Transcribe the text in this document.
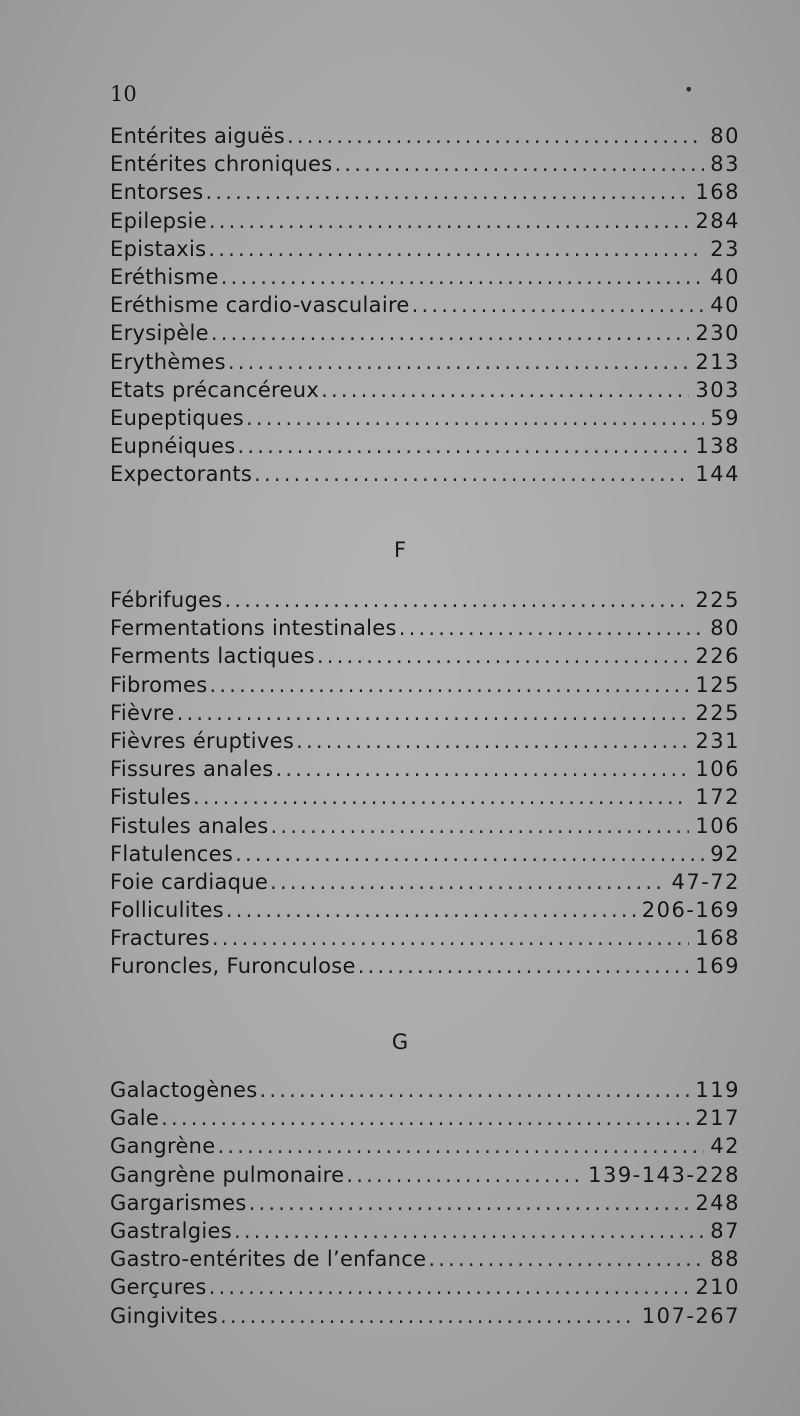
10	•
Entérites aiguës .....	80
Entérites chroniques .....	83
Entorses .....	168
Epilepsie .....	284
Epistaxis .....	23
Eréthisme .....	40
Eréthisme cardio-vasculaire .....	40
Erysipèle .....	230
Erythèmes .....	213
Etats précancéreux .....	303
Eupeptiques .....	59
Eupnéiques .....	138
Expectorants .....	144
F
Fébrifuges .....	225
Fermentations intestinales .....	80
Ferments lactiques .....	226
Fibromes .....	125
Fièvre .....	225
Fièvres éruptives .....	231
Fissures anales .....	106
Fistules .....	172
Fistules anales .....	106
Flatulences .....	92
Foie cardiaque .....	47-72
Folliculites .....	206-169
Fractures .....	168
Furoncles, Furonculose .....	169
G
Galactogènes .....	119
Gale .....	217
Gangrène .....	42
Gangrène pulmonaire .....	139-143-228
Gargarismes .....	248
Gastralgies .....	87
Gastro-entérites de l’enfance .....	88
Gerçures .....	210
Gingivites .....	107-267
